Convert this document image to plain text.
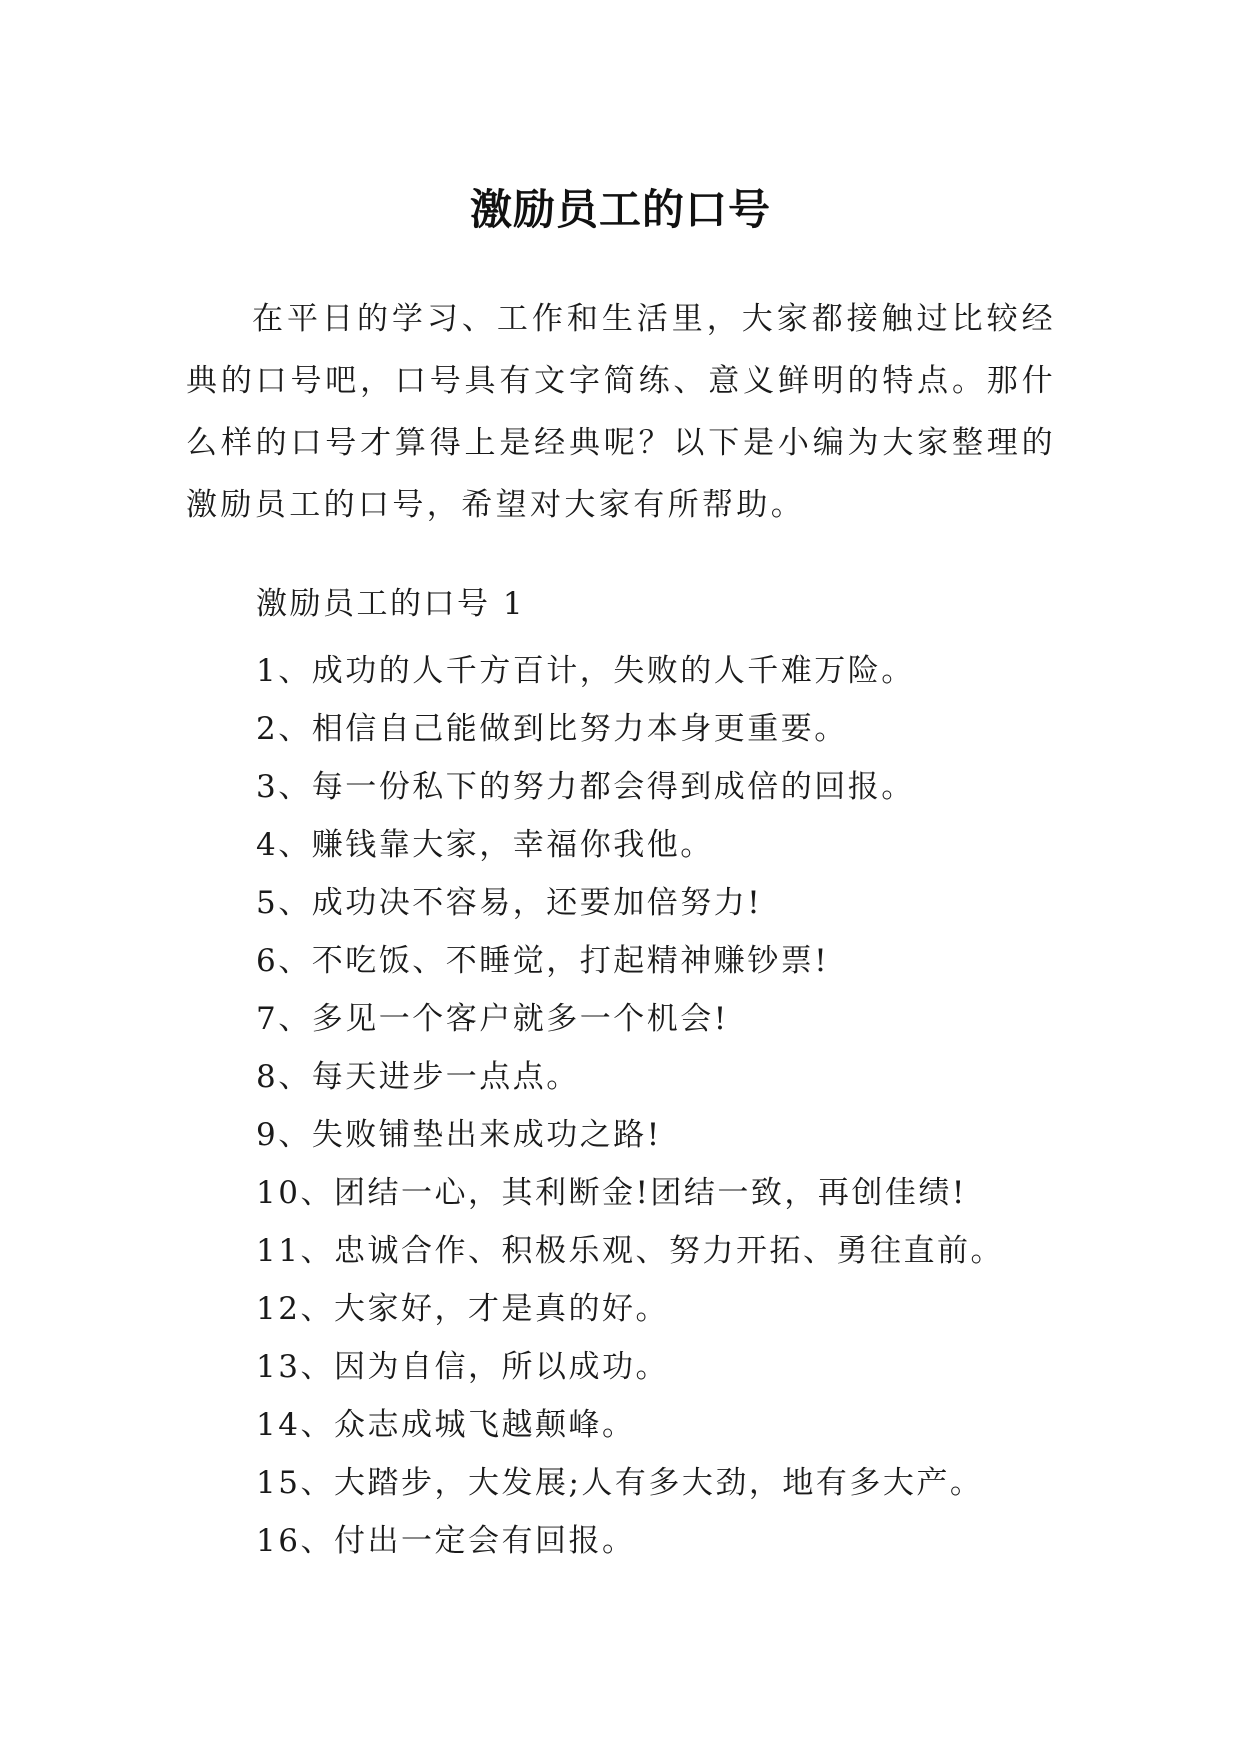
激励员工的口号

在平日的学习、工作和生活里，大家都接触过比较经典的口号吧，口号具有文字简练、意义鲜明的特点。那什么样的口号才算得上是经典呢？以下是小编为大家整理的激励员工的口号，希望对大家有所帮助。

激励员工的口号 1
1、成功的人千方百计，失败的人千难万险。
2、相信自己能做到比努力本身更重要。
3、每一份私下的努力都会得到成倍的回报。
4、赚钱靠大家，幸福你我他。
5、成功决不容易，还要加倍努力!
6、不吃饭、不睡觉，打起精神赚钞票!
7、多见一个客户就多一个机会!
8、每天进步一点点。
9、失败铺垫出来成功之路!
10、团结一心，其利断金!团结一致，再创佳绩!
11、忠诚合作、积极乐观、努力开拓、勇往直前。
12、大家好，才是真的好。
13、因为自信，所以成功。
14、众志成城飞越颠峰。
15、大踏步，大发展;人有多大劲，地有多大产。
16、付出一定会有回报。
